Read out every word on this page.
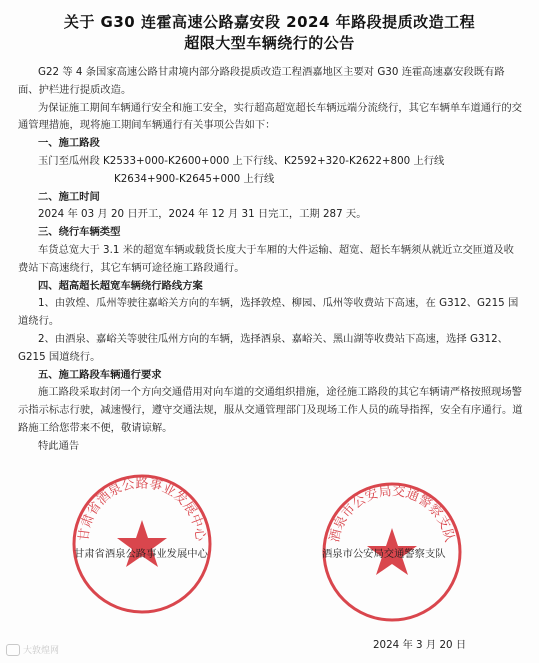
关于 G30 连霍高速公路嘉安段 2024 年路段提质改造工程
超限大型车辆绕行的公告

G22 等 4 条国家高速公路甘肃境内部分路段提质改造工程酒嘉地区主要对 G30 连霍高速嘉安段既有路面、护栏进行提质改造。

为保证施工期间车辆通行安全和施工安全，实行超高超宽超长车辆远端分流绕行，其它车辆单车道通行的交通管理措施，现将施工期间车辆通行有关事项公告如下：

一、施工路段

玉门至瓜州段 K2533+000-K2600+000 上下行线、K2592+320-K2622+800 上行线

K2634+900-K2645+000 上行线

二、施工时间

2024 年 03 月 20 日开工，2024 年 12 月 31 日完工，工期 287 天。

三、绕行车辆类型

车货总宽大于 3.1 米的超宽车辆或载货长度大于车厢的大件运输、超宽、超长车辆须从就近立交匝道及收费站下高速绕行，其它车辆可途径施工路段通行。

四、超高超长超宽车辆绕行路线方案

1、由敦煌、瓜州等驶往嘉峪关方向的车辆，选择敦煌、柳园、瓜州等收费站下高速，在 G312、G215 国道绕行。

2、由酒泉、嘉峪关等驶往瓜州方向的车辆，选择酒泉、嘉峪关、黑山湖等收费站下高速，选择 G312、G215 国道绕行。

五、施工路段车辆通行要求

施工路段采取封闭一个方向交通借用对向车道的交通组织措施，途径施工路段的其它车辆请严格按照现场警示指示标志行驶，减速慢行，遵守交通法规，服从交通管理部门及现场工作人员的疏导指挥，安全有序通行。道路施工给您带来不便，敬请谅解。

特此通告

甘肃省酒泉公路事业发展中心	酒泉市公安局交通警察支队
甘肃省酒泉公路事业发展中心	酒泉市公安局交通警察支队
2024 年 3 月 20 日
大敦煌网
